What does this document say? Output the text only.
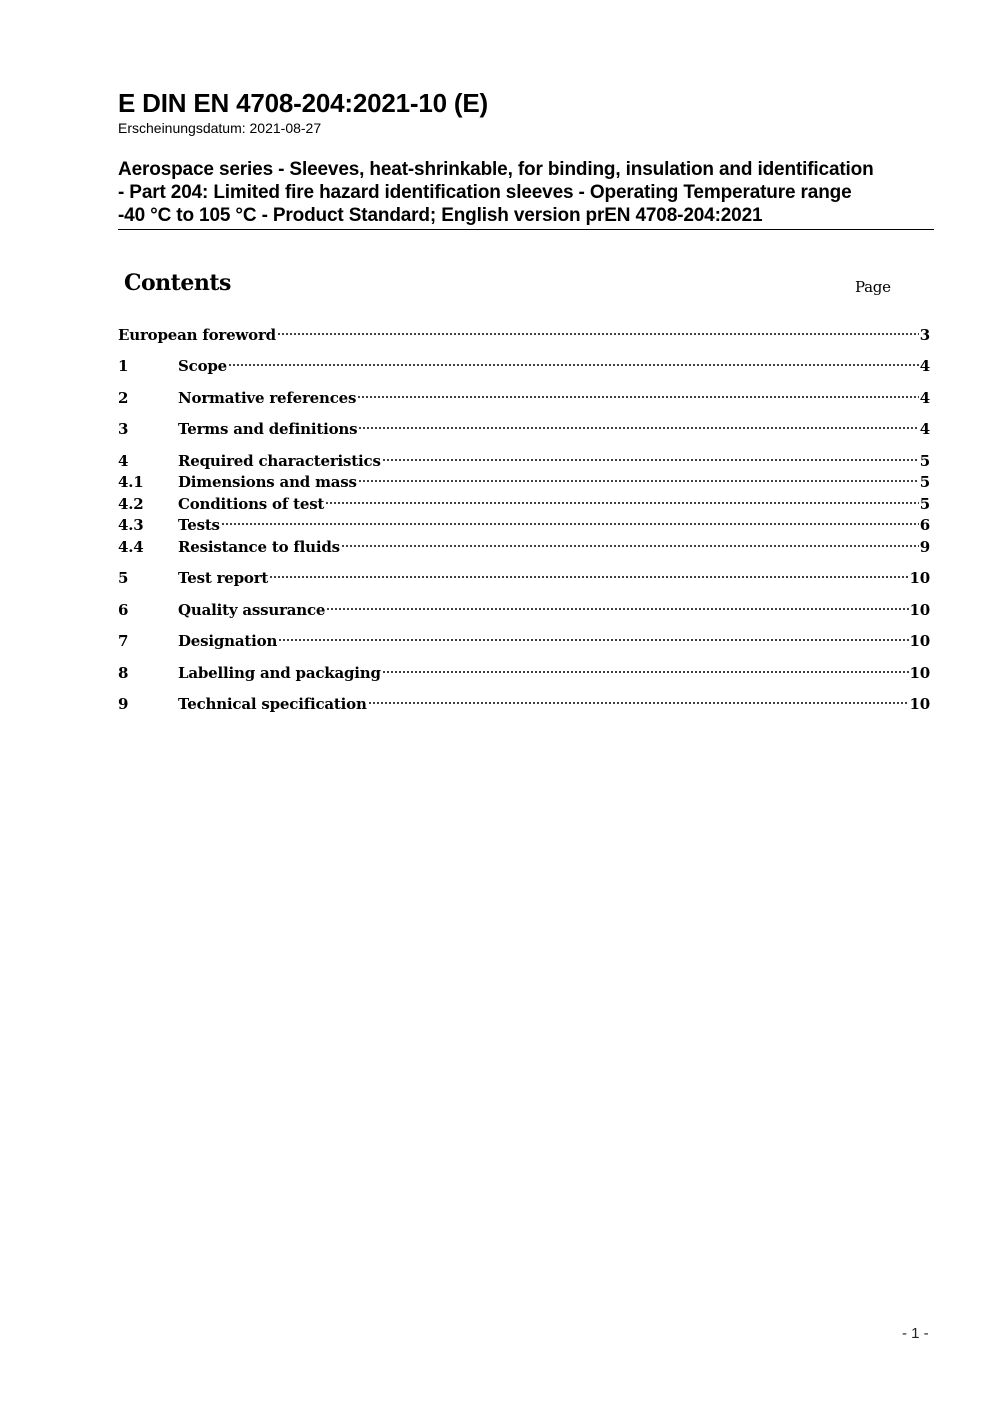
E DIN EN 4708-204:2021-10 (E)
Erscheinungsdatum: 2021-08-27
Aerospace series - Sleeves, heat-shrinkable, for binding, insulation and identification
- Part 204: Limited fire hazard identification sleeves - Operating Temperature range
-40 °C to 105 °C - Product Standard; English version prEN 4708-204:2021
Contents	Page
European foreword	3
1	Scope	4
2	Normative references	4
3	Terms and definitions	4
4	Required characteristics	5
4.1	Dimensions and mass	5
4.2	Conditions of test	5
4.3	Tests	6
4.4	Resistance to fluids	9
5	Test report	10
6	Quality assurance	10
7	Designation	10
8	Labelling and packaging	10
9	Technical specification	10
- 1 -
